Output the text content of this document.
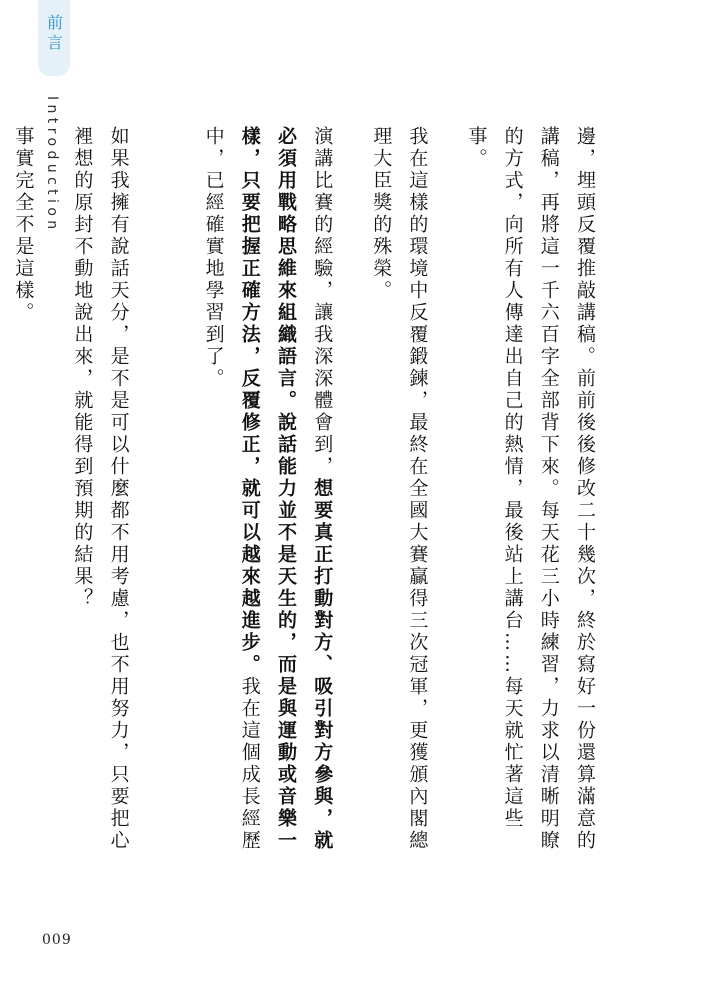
前言
Introduction	邊，埋頭反覆推敲講稿。前前後後修改二十幾次，終於寫好一份還算滿意的講稿，再將這一千六百字全部背下來。每天花三小時練習，力求以清晰明瞭的方式，向所有人傳達出自己的熱情，最後站上講台……每天就忙著這些事。

我在這樣的環境中反覆鍛鍊，最終在全國大賽贏得三次冠軍，更獲頒內閣總理大臣獎的殊榮。

演講比賽的經驗，讓我深深體會到，想要真正打動對方、吸引對方參與，就必須用戰略思維來組織語言。說話能力並不是天生的，而是與運動或音樂一樣，只要把握正確方法，反覆修正，就可以越來越進步。我在這個成長經歷中，已經確實地學習到了。

如果我擁有說話天分，是不是可以什麼都不用考慮，也不用努力，只要把心裡想的原封不動地說出來，就能得到預期的結果？

事實完全不是這樣。

009
